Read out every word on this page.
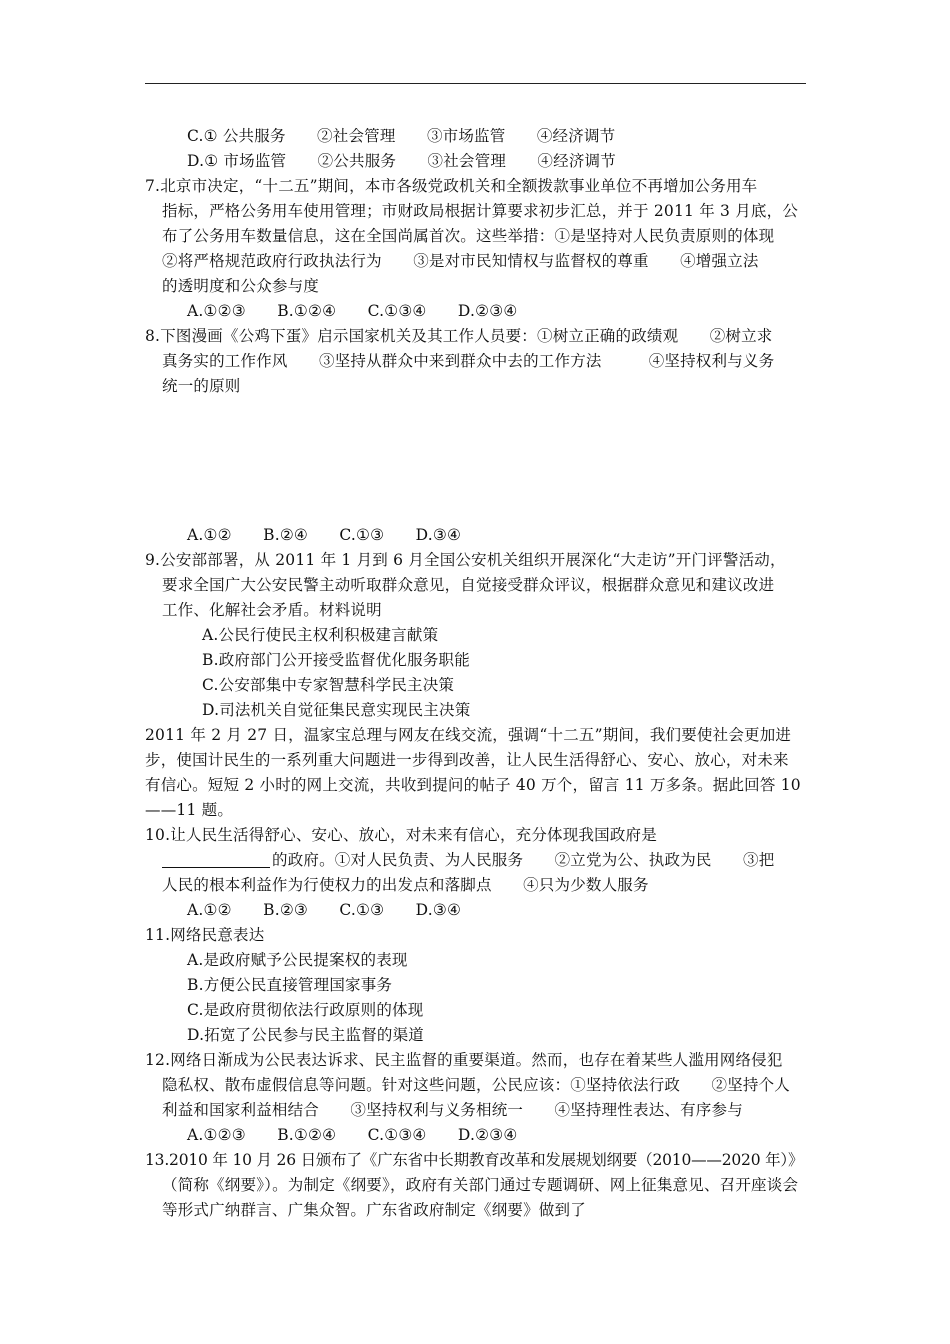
C.① 公共服务　　②社会管理　　③市场监管　　④经济调节
D.① 市场监管　　②公共服务　　③社会管理　　④经济调节
7.北京市决定，“十二五”期间，本市各级党政机关和全额拨款事业单位不再增加公务用车
指标，严格公务用车使用管理；市财政局根据计算要求初步汇总，并于 2011 年 3 月底，公
布了公务用车数量信息，这在全国尚属首次。这些举措：①是坚持对人民负责原则的体现
②将严格规范政府行政执法行为　　③是对市民知情权与监督权的尊重　　④增强立法
的透明度和公众参与度
A.①②③　　B.①②④　　C.①③④　　D.②③④
8.下图漫画《公鸡下蛋》启示国家机关及其工作人员要：①树立正确的政绩观　　②树立求
真务实的工作作风　　③坚持从群众中来到群众中去的工作方法　　　④坚持权利与义务
统一的原则
A.①②　　B.②④　　C.①③　　D.③④
9.公安部部署，从 2011 年 1 月到 6 月全国公安机关组织开展深化“大走访”开门评警活动，
要求全国广大公安民警主动听取群众意见，自觉接受群众评议，根据群众意见和建议改进
工作、化解社会矛盾。材料说明
A.公民行使民主权利积极建言献策
B.政府部门公开接受监督优化服务职能
C.公安部集中专家智慧科学民主决策
D.司法机关自觉征集民意实现民主决策
2011 年 2 月 27 日，温家宝总理与网友在线交流，强调“十二五”期间，我们要使社会更加进
步，使国计民生的一系列重大问题进一步得到改善，让人民生活得舒心、安心、放心，对未来
有信心。短短 2 小时的网上交流，共收到提问的帖子 40 万个，留言 11 万多条。据此回答 10
——11 题。
10.让人民生活得舒心、安心、放心，对未来有信心，充分体现我国政府是
的政府。①对人民负责、为人民服务　　②立党为公、执政为民　　③把
人民的根本利益作为行使权力的出发点和落脚点　　④只为少数人服务
A.①②　　B.②③　　C.①③　　D.③④
11.网络民意表达
A.是政府赋予公民提案权的表现
B.方便公民直接管理国家事务
C.是政府贯彻依法行政原则的体现
D.拓宽了公民参与民主监督的渠道
12.网络日渐成为公民表达诉求、民主监督的重要渠道。然而，也存在着某些人滥用网络侵犯
隐私权、散布虚假信息等问题。针对这些问题，公民应该：①坚持依法行政　　②坚持个人
利益和国家利益相结合　　③坚持权利与义务相统一　　④坚持理性表达、有序参与
A.①②③　　B.①②④　　C.①③④　　D.②③④
13.2010 年 10 月 26 日颁布了《广东省中长期教育改革和发展规划纲要（2010——2020 年）》
（简称《纲要》）。为制定《纲要》，政府有关部门通过专题调研、网上征集意见、召开座谈会
等形式广纳群言、广集众智。广东省政府制定《纲要》做到了
